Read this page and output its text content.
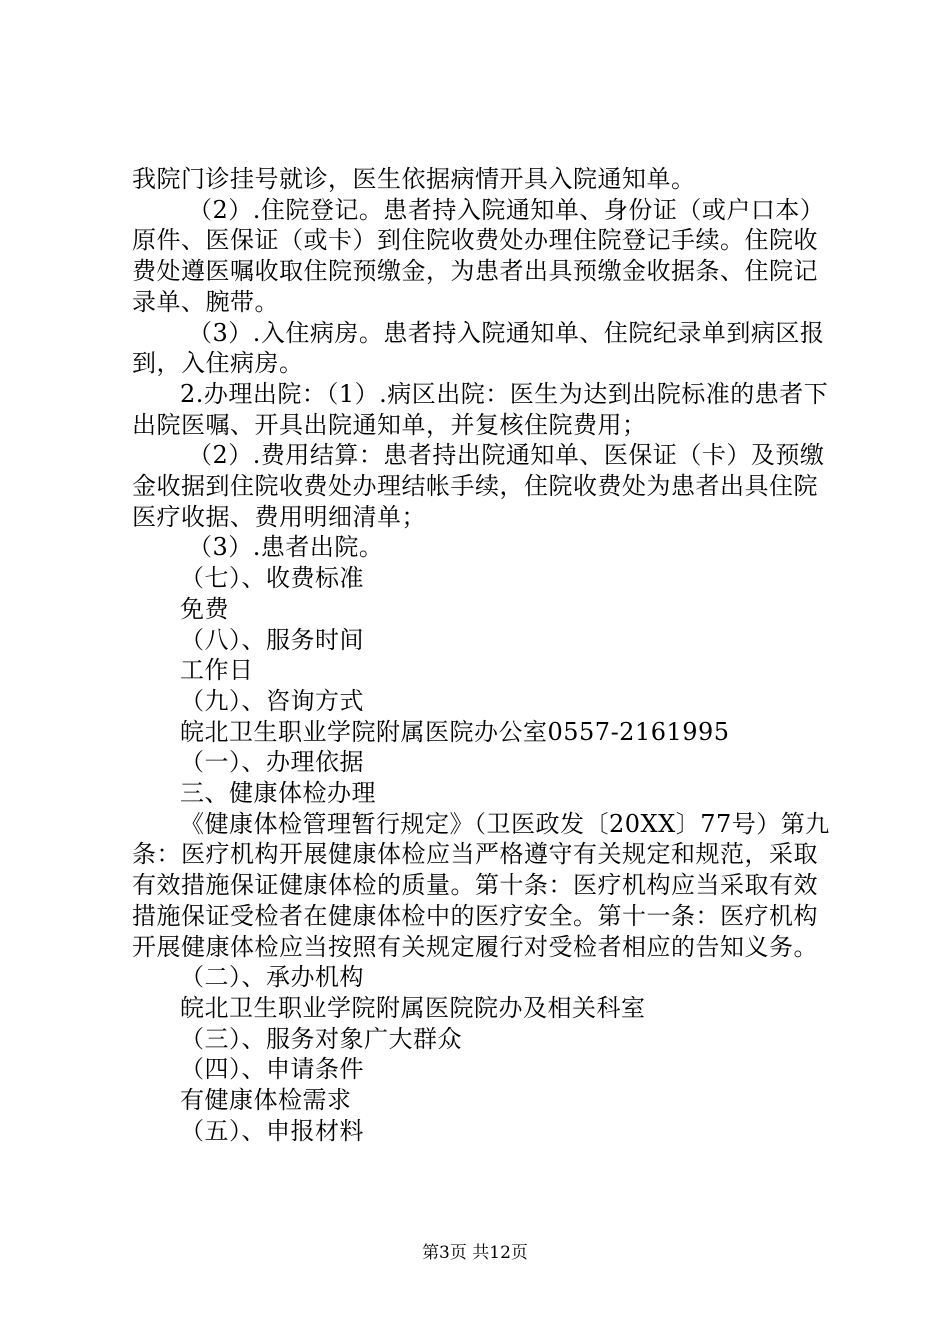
我院门诊挂号就诊，医生依据病情开具入院通知单。

（2）.住院登记。患者持入院通知单、身份证（或户口本）原件、医保证（或卡）到住院收费处办理住院登记手续。住院收费处遵医嘱收取住院预缴金，为患者出具预缴金收据条、住院记录单、腕带。

（3）.入住病房。患者持入院通知单、住院纪录单到病区报到，入住病房。

2.办理出院：（1）.病区出院：医生为达到出院标准的患者下出院医嘱、开具出院通知单，并复核住院费用；

（2）.费用结算：患者持出院通知单、医保证（卡）及预缴金收据到住院收费处办理结帐手续，住院收费处为患者出具住院医疗收据、费用明细清单；

（3）.患者出院。

（七）、收费标准

免费

（八）、服务时间

工作日

（九）、咨询方式

皖北卫生职业学院附属医院办公室0557-2161995

（一）、办理依据

三、健康体检办理

《健康体检管理暂行规定》（卫医政发〔20XX〕77号）第九条：医疗机构开展健康体检应当严格遵守有关规定和规范，采取有效措施保证健康体检的质量。第十条：医疗机构应当采取有效措施保证受检者在健康体检中的医疗安全。第十一条：医疗机构开展健康体检应当按照有关规定履行对受检者相应的告知义务。

（二）、承办机构

皖北卫生职业学院附属医院院办及相关科室

（三）、服务对象广大群众

（四）、申请条件

有健康体检需求

（五）、申报材料

第3页 共12页
